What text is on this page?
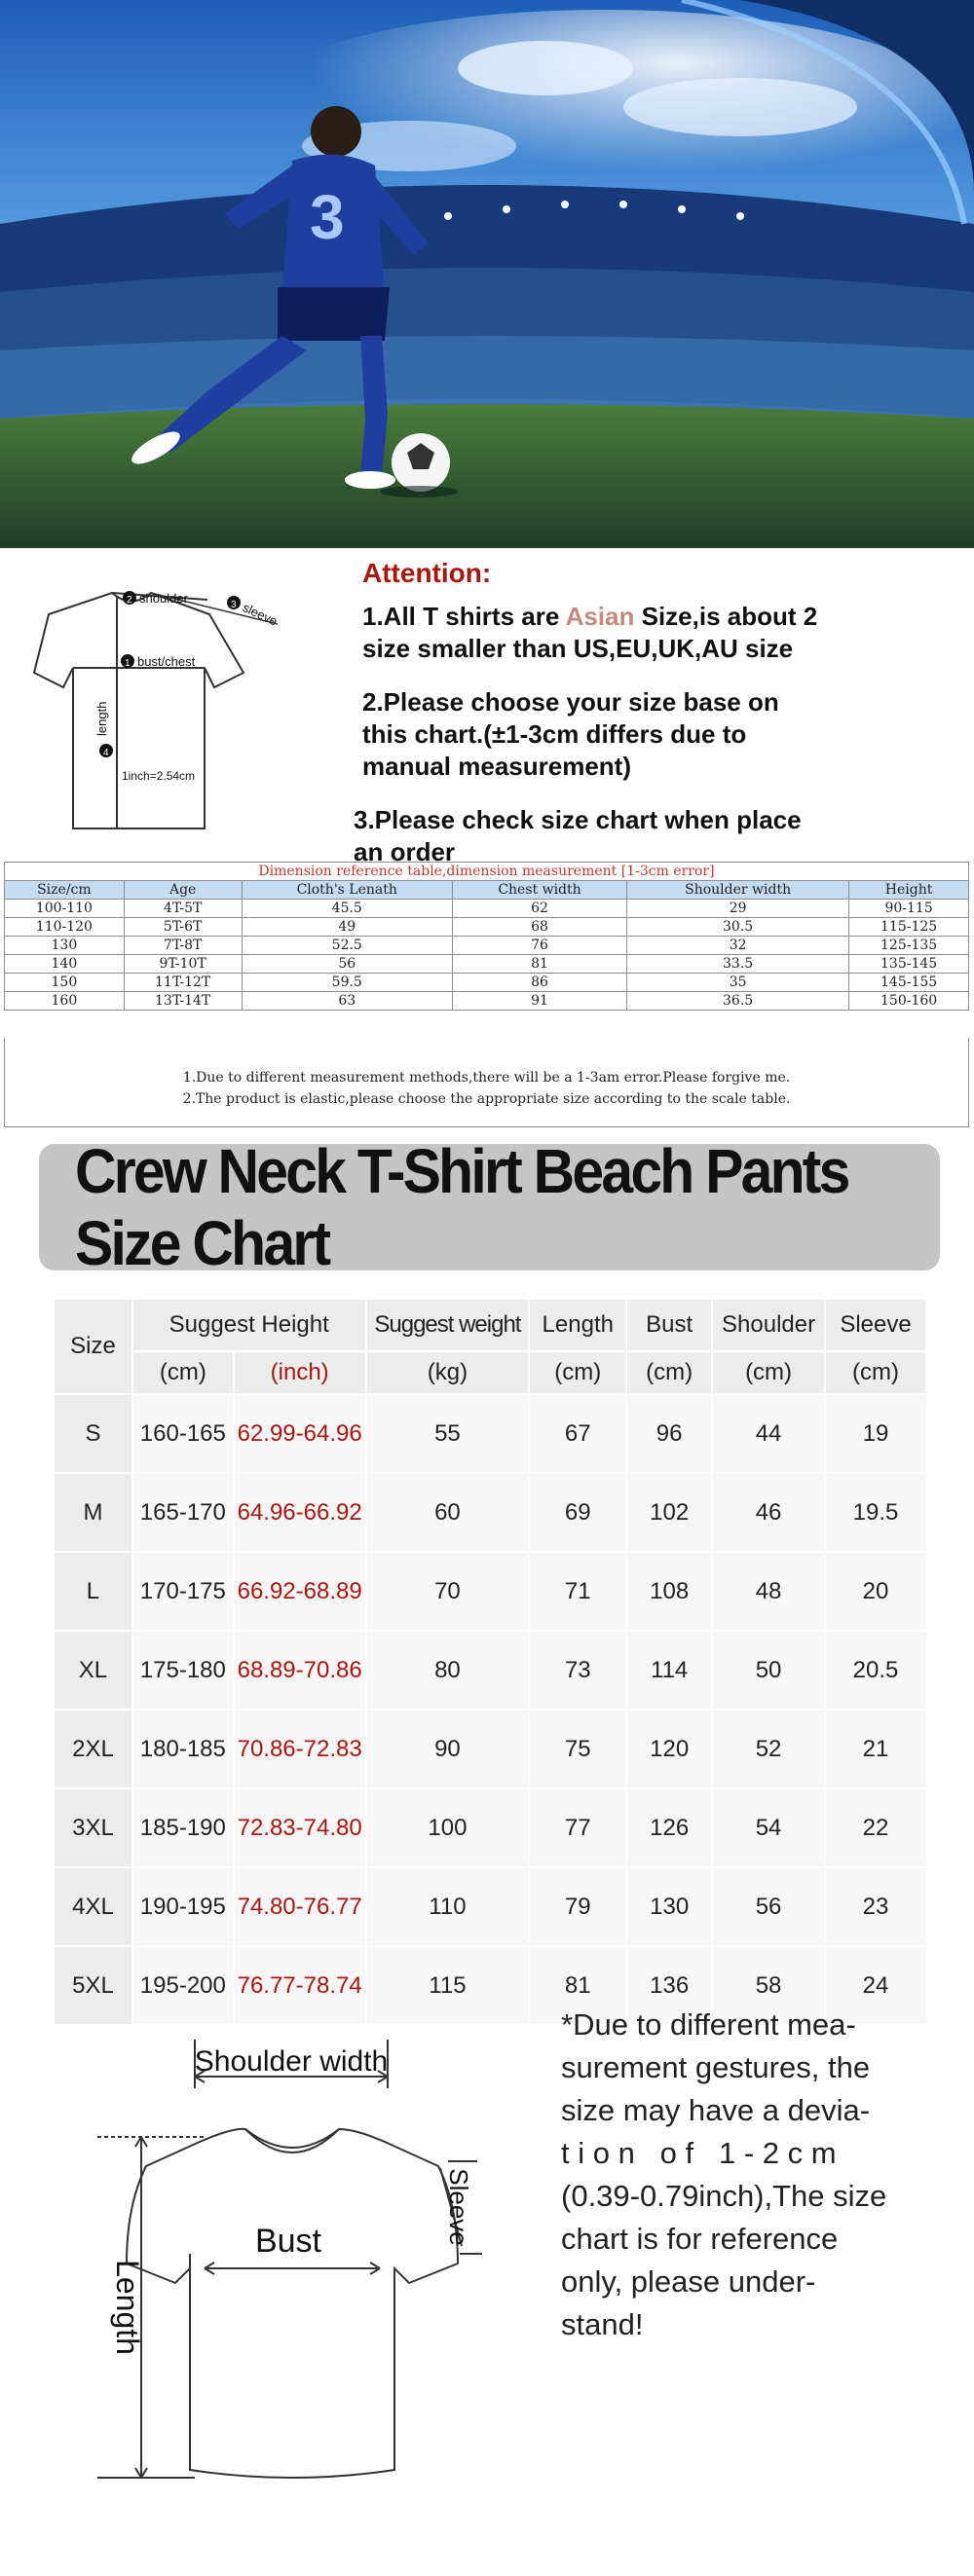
3
2 shoulder	3 sleeve
1 bust/chest
4
length
1inch=2.54cm

Attention:

1.All T shirts are Asian Size,is about 2

size smaller than US,EU,UK,AU size

2.Please choose your size base on

this chart.(±1-3cm differs due to

manual measurement)

3.Please check size chart when place

an order

Dimension reference table,dimension measurement [1-3cm error]					
Size/cm	Age	Cloth's Lenath	Chest width	Shoulder width	Height
100-110	4T-5T	45.5	62	29	90-115
110-120	5T-6T	49	68	30.5	115-125
130	7T-8T	52.5	76	32	125-135
140	9T-10T	56	81	33.5	135-145
150	11T-12T	59.5	86	35	145-155
160	13T-14T	63	91	36.5	150-160

1.Due to different measurement methods,there will be a 1-3am error.Please forgive me.

2.The product is elastic,please choose the appropriate size according to the scale table.

Crew Neck T-Shirt Beach Pants Size Chart
Size	Suggest Height		Suggest weight	Length	Bust	Shoulder	Sleeve
	(cm)	(inch)	(kg)	(cm)	(cm)	(cm)	(cm)
S	160-165	62.99-64.96	55	67	96	44	19
M	165-170	64.96-66.92	60	69	102	46	19.5
L	170-175	66.92-68.89	70	71	108	48	20
XL	175-180	68.89-70.86	80	73	114	50	20.5
2XL	180-185	70.86-72.83	90	75	120	52	21
3XL	185-190	72.83-74.80	100	77	126	54	22
4XL	190-195	74.80-76.77	110	79	130	56	23
5XL	195-200	76.77-78.74	115	81	136	58	24
Shoulder width
Bust	Sleeve
Length

*Due to different mea-

surement gestures, the

size may have a devia-

t i o n   o f   1 - 2 c m

(0.39-0.79inch),The size

chart is for reference

only, please under-

stand!
